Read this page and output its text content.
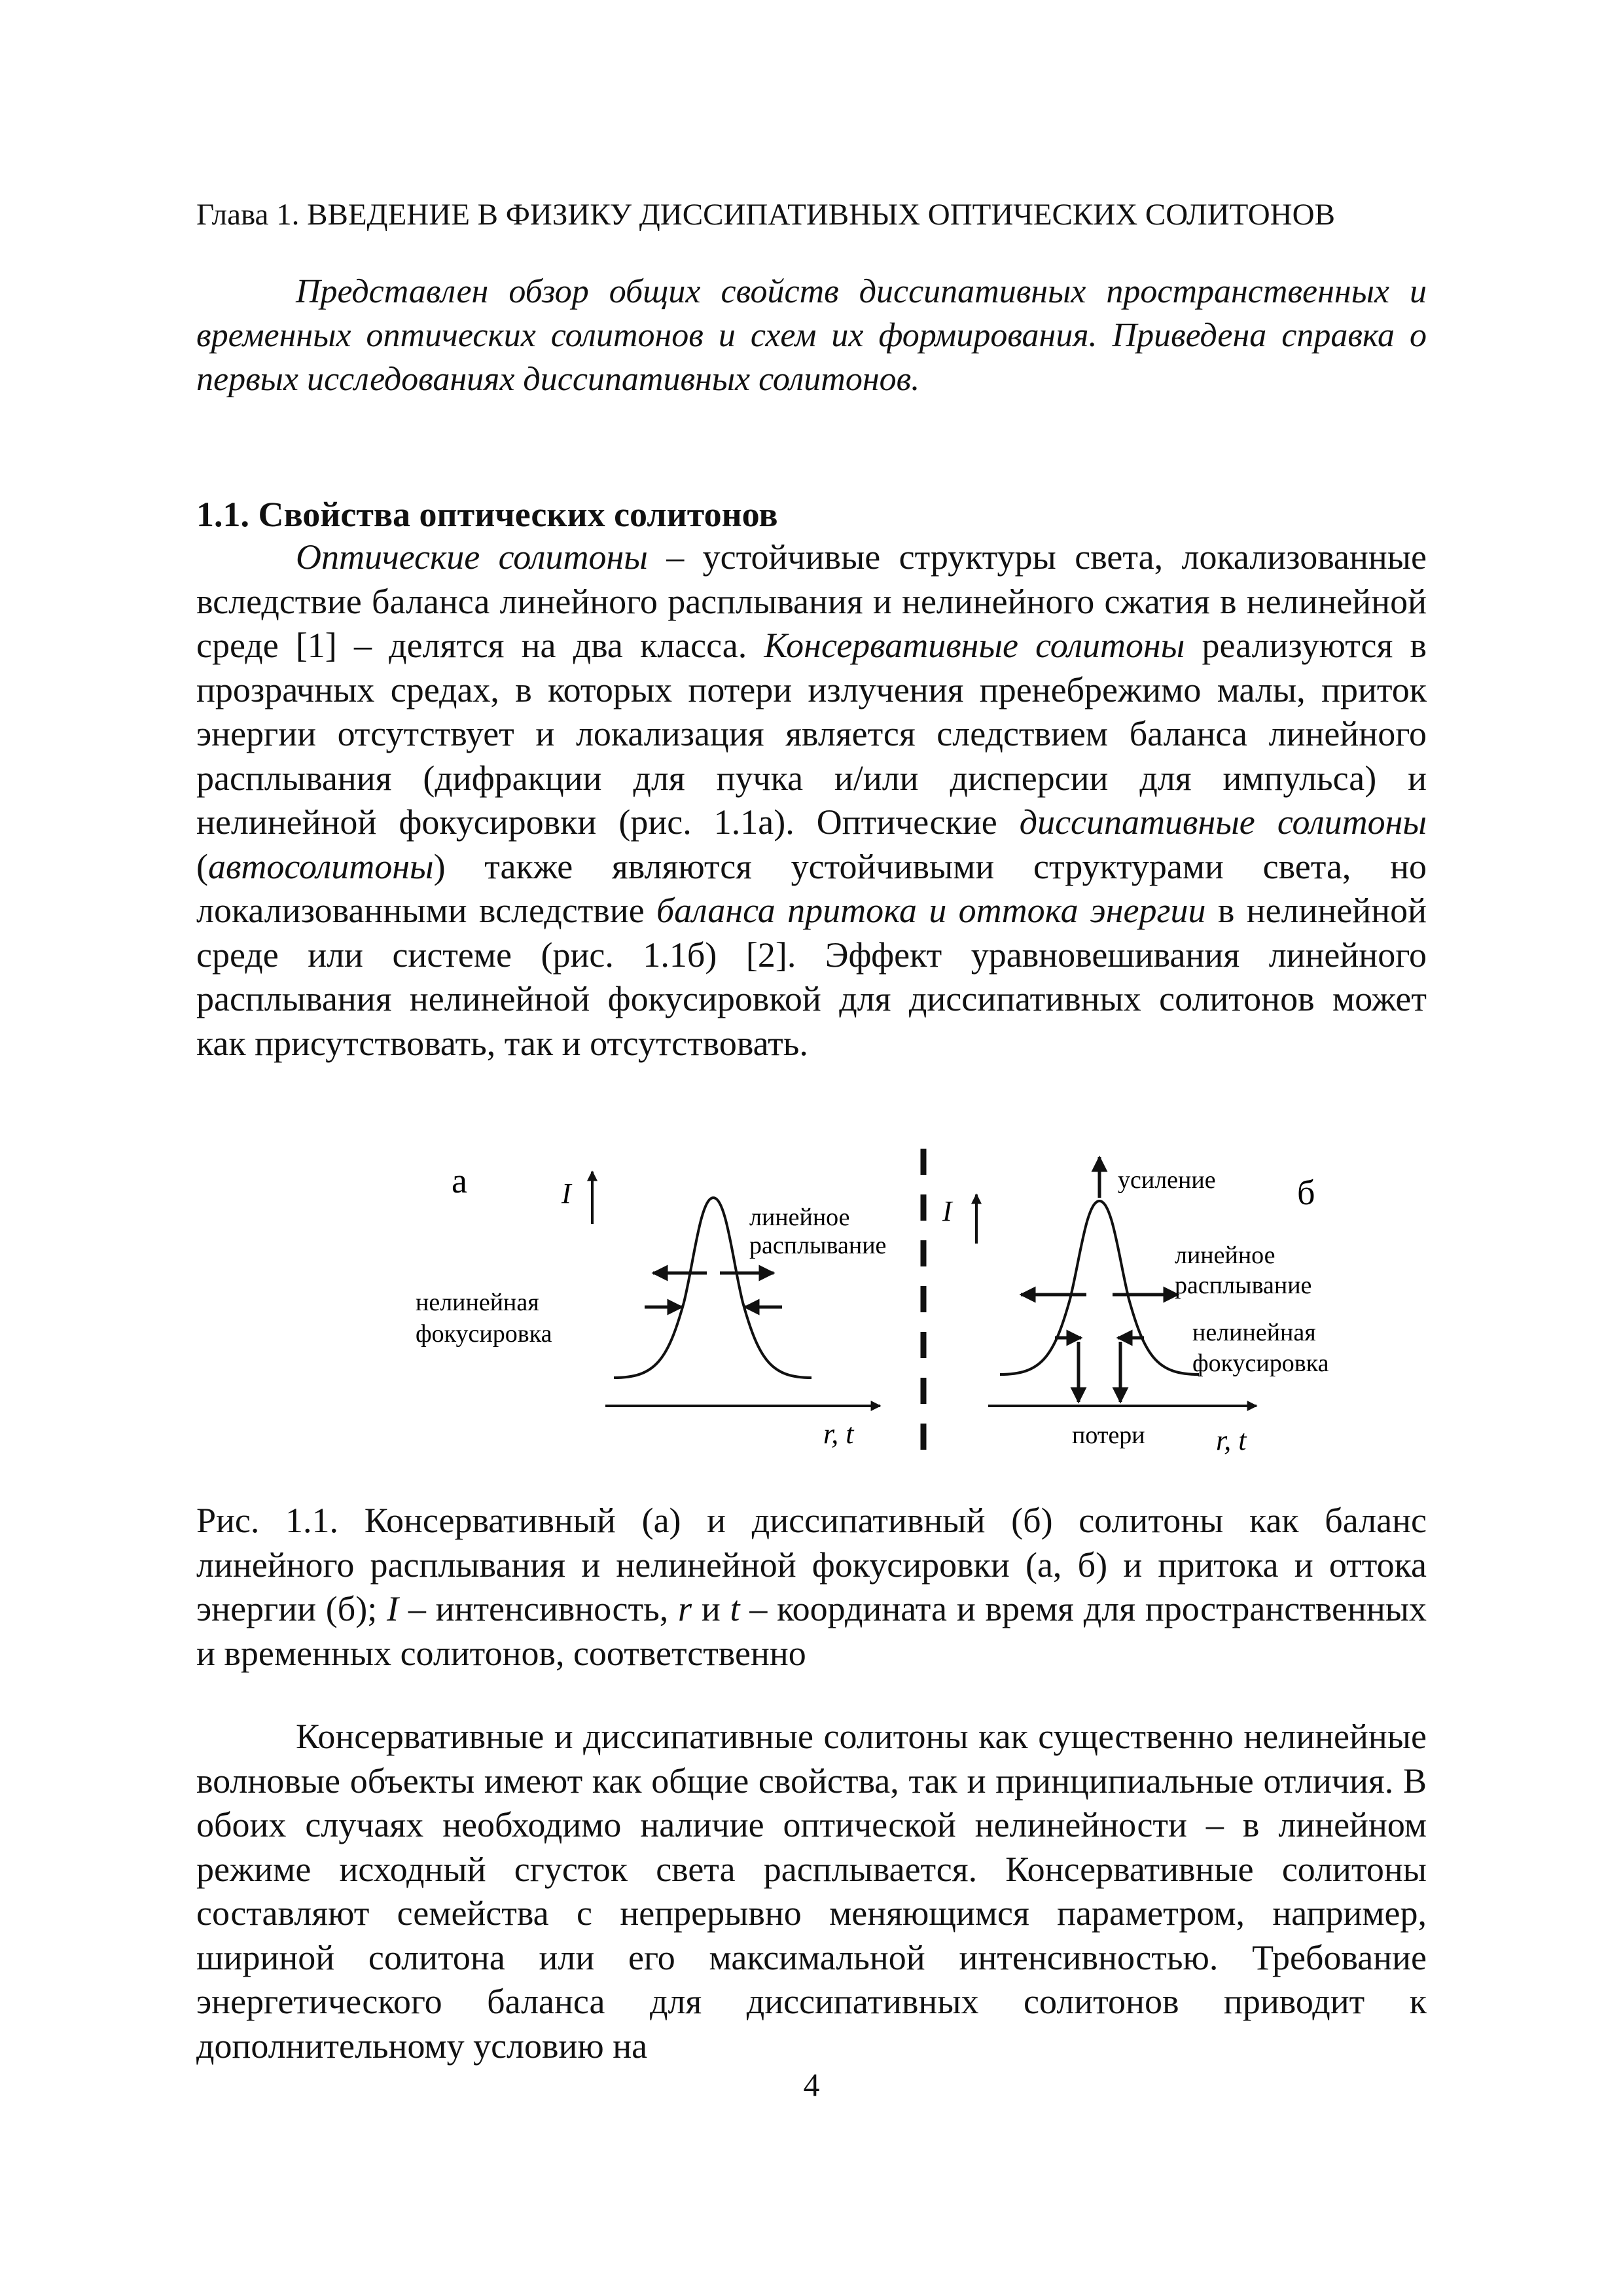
Глава 1. ВВЕДЕНИЕ В ФИЗИКУ ДИССИПАТИВНЫХ ОПТИЧЕСКИХ СОЛИТОНОВ
Представлен обзор общих свойств диссипативных пространственных и временных оптических солитонов и схем их формирования. Приведена справка о первых исследованиях диссипативных солитонов.
1.1. Свойства оптических солитонов
Оптические солитоны – устойчивые структуры света, локализованные вследствие баланса линейного расплывания и нелинейного сжатия в нелинейной среде [1] – делятся на два класса. Консервативные солитоны реализуются в прозрачных средах, в которых потери излучения пренебрежимо малы, приток энергии отсутствует и локализация является следствием баланса линейного расплывания (дифракции для пучка и/или дисперсии для импульса) и нелинейной фокусировки (рис. 1.1а). Оптические диссипативные солитоны (автосолитоны) также являются устойчивыми структурами света, но локализованными вследствие баланса притока и оттока энергии в нелинейной среде или системе (рис. 1.1б) [2]. Эффект уравновешивания линейного расплывания нелинейной фокусировкой для диссипативных солитонов может как присутствовать, так и отсутствовать.
а	I
линейное
расплывание
нелинейная
фокусировка
r, t
I
усиление б
линейное
расплывание
нелинейная
фокусировка
потери r, t
Рис. 1.1. Консервативный (а) и диссипативный (б) солитоны как баланс линейного расплывания и нелинейной фокусировки (а, б) и притока и оттока энергии (б); I – интенсивность, r и t – координата и время для пространственных и временных солитонов, соответственно
Консервативные и диссипативные солитоны как существенно нелинейные волновые объекты имеют как общие свойства, так и принципиальные отличия. В обоих случаях необходимо наличие оптической нелинейности – в линейном режиме исходный сгусток света расплывается. Консервативные солитоны составляют семейства с непрерывно меняющимся параметром, например, шириной солитона или его максимальной интенсивностью. Требование энергетического баланса для диссипативных солитонов приводит к дополнительному условию на
4
